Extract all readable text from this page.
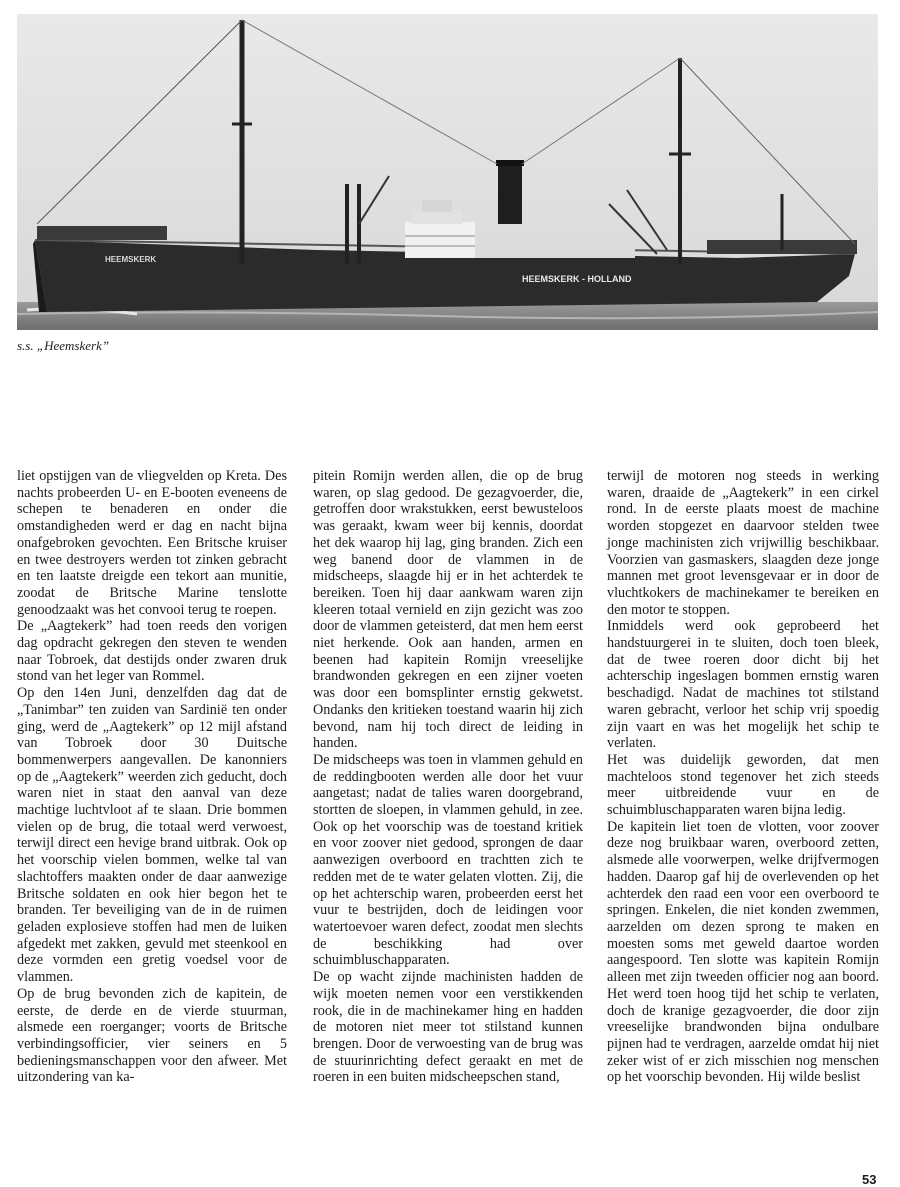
HEEMSKERK
HEEMSKERK - HOLLAND
s.s. „Heemskerk”

liet opstijgen van de vliegvelden op Kreta. Des nachts probeerden U- en E-booten eveneens de schepen te benaderen en onder die omstandigheden werd er dag en nacht bijna onafgebroken gevochten. Een Britsche kruiser en twee destroyers werden tot zinken gebracht en ten laatste dreigde een tekort aan munitie, zoodat de Britsche Marine tenslotte genoodzaakt was het convooi terug te roepen.

De „Aagtekerk” had toen reeds den vorigen dag opdracht gekregen den steven te wenden naar Tobroek, dat destijds onder zwaren druk stond van het leger van Rommel.

Op den 14en Juni, denzelfden dag dat de „Tanimbar” ten zuiden van Sardinië ten onder ging, werd de „Aagtekerk” op 12 mijl afstand van Tobroek door 30 Duitsche bommenwerpers aangevallen. De kanonniers op de „Aagtekerk” weerden zich geducht, doch waren niet in staat den aanval van deze machtige luchtvloot af te slaan. Drie bommen vielen op de brug, die totaal werd verwoest, terwijl direct een hevige brand uitbrak. Ook op het voorschip vielen bommen, welke tal van slachtoffers maakten onder de daar aanwezige Britsche soldaten en ook hier begon het te branden. Ter beveiliging van de in de ruimen geladen explosieve stoffen had men de luiken afgedekt met zakken, gevuld met steenkool en deze vormden een gretig voedsel voor de vlammen.

Op de brug bevonden zich de kapitein, de eerste, de derde en de vierde stuurman, alsmede een roerganger; voorts de Britsche verbindingsofficier, vier seiners en 5 bedieningsmanschappen voor den afweer. Met uitzondering van ka-

pitein Romijn werden allen, die op de brug waren, op slag gedood. De gezagvoerder, die, getroffen door wrakstukken, eerst bewusteloos was geraakt, kwam weer bij kennis, doordat het dek waarop hij lag, ging branden. Zich een weg banend door de vlammen in de midscheeps, slaagde hij er in het achterdek te bereiken. Toen hij daar aankwam waren zijn kleeren totaal vernield en zijn gezicht was zoo door de vlammen geteisterd, dat men hem eerst niet herkende. Ook aan handen, armen en beenen had kapitein Romijn vreeselijke brandwonden gekregen en een zijner voeten was door een bomsplinter ernstig gekwetst. Ondanks den kritieken toestand waarin hij zich bevond, nam hij toch direct de leiding in handen.

De midscheeps was toen in vlammen gehuld en de reddingbooten werden alle door het vuur aangetast; nadat de talies waren doorgebrand, stortten de sloepen, in vlammen gehuld, in zee. Ook op het voorschip was de toestand kritiek en voor zoover niet gedood, sprongen de daar aanwezigen overboord en trachtten zich te redden met de te water gelaten vlotten. Zij, die op het achterschip waren, probeerden eerst het vuur te bestrijden, doch de leidingen voor watertoevoer waren defect, zoodat men slechts de beschikking had over schuimbluschapparaten.

De op wacht zijnde machinisten hadden de wijk moeten nemen voor een verstikkenden rook, die in de machinekamer hing en hadden de motoren niet meer tot stilstand kunnen brengen. Door de verwoesting van de brug was de stuurinrichting defect geraakt en met de roeren in een buiten midscheepschen stand,

terwijl de motoren nog steeds in werking waren, draaide de „Aagtekerk” in een cirkel rond. In de eerste plaats moest de machine worden stopgezet en daarvoor stelden twee jonge machinisten zich vrijwillig beschikbaar. Voorzien van gasmaskers, slaagden deze jonge mannen met groot levensgevaar er in door de vluchtkokers de machinekamer te bereiken en den motor te stoppen.

Inmiddels werd ook geprobeerd het handstuurgerei in te sluiten, doch toen bleek, dat de twee roeren door dicht bij het achterschip ingeslagen bommen ernstig waren beschadigd. Nadat de machines tot stilstand waren gebracht, verloor het schip vrij spoedig zijn vaart en was het mogelijk het schip te verlaten.

Het was duidelijk geworden, dat men machteloos stond tegenover het zich steeds meer uitbreidende vuur en de schuimbluschapparaten waren bijna ledig.

De kapitein liet toen de vlotten, voor zoover deze nog bruikbaar waren, overboord zetten, alsmede alle voorwerpen, welke drijfvermogen hadden. Daarop gaf hij de overlevenden op het achterdek den raad een voor een overboord te springen. Enkelen, die niet konden zwemmen, aarzelden om dezen sprong te maken en moesten soms met geweld daartoe worden aangespoord. Ten slotte was kapitein Romijn alleen met zijn tweeden officier nog aan boord. Het werd toen hoog tijd het schip te verlaten, doch de kranige gezagvoerder, die door zijn vreeselijke brandwonden bijna ondulbare pijnen had te verdragen, aarzelde omdat hij niet zeker wist of er zich misschien nog menschen op het voorschip bevonden. Hij wilde beslist

53
